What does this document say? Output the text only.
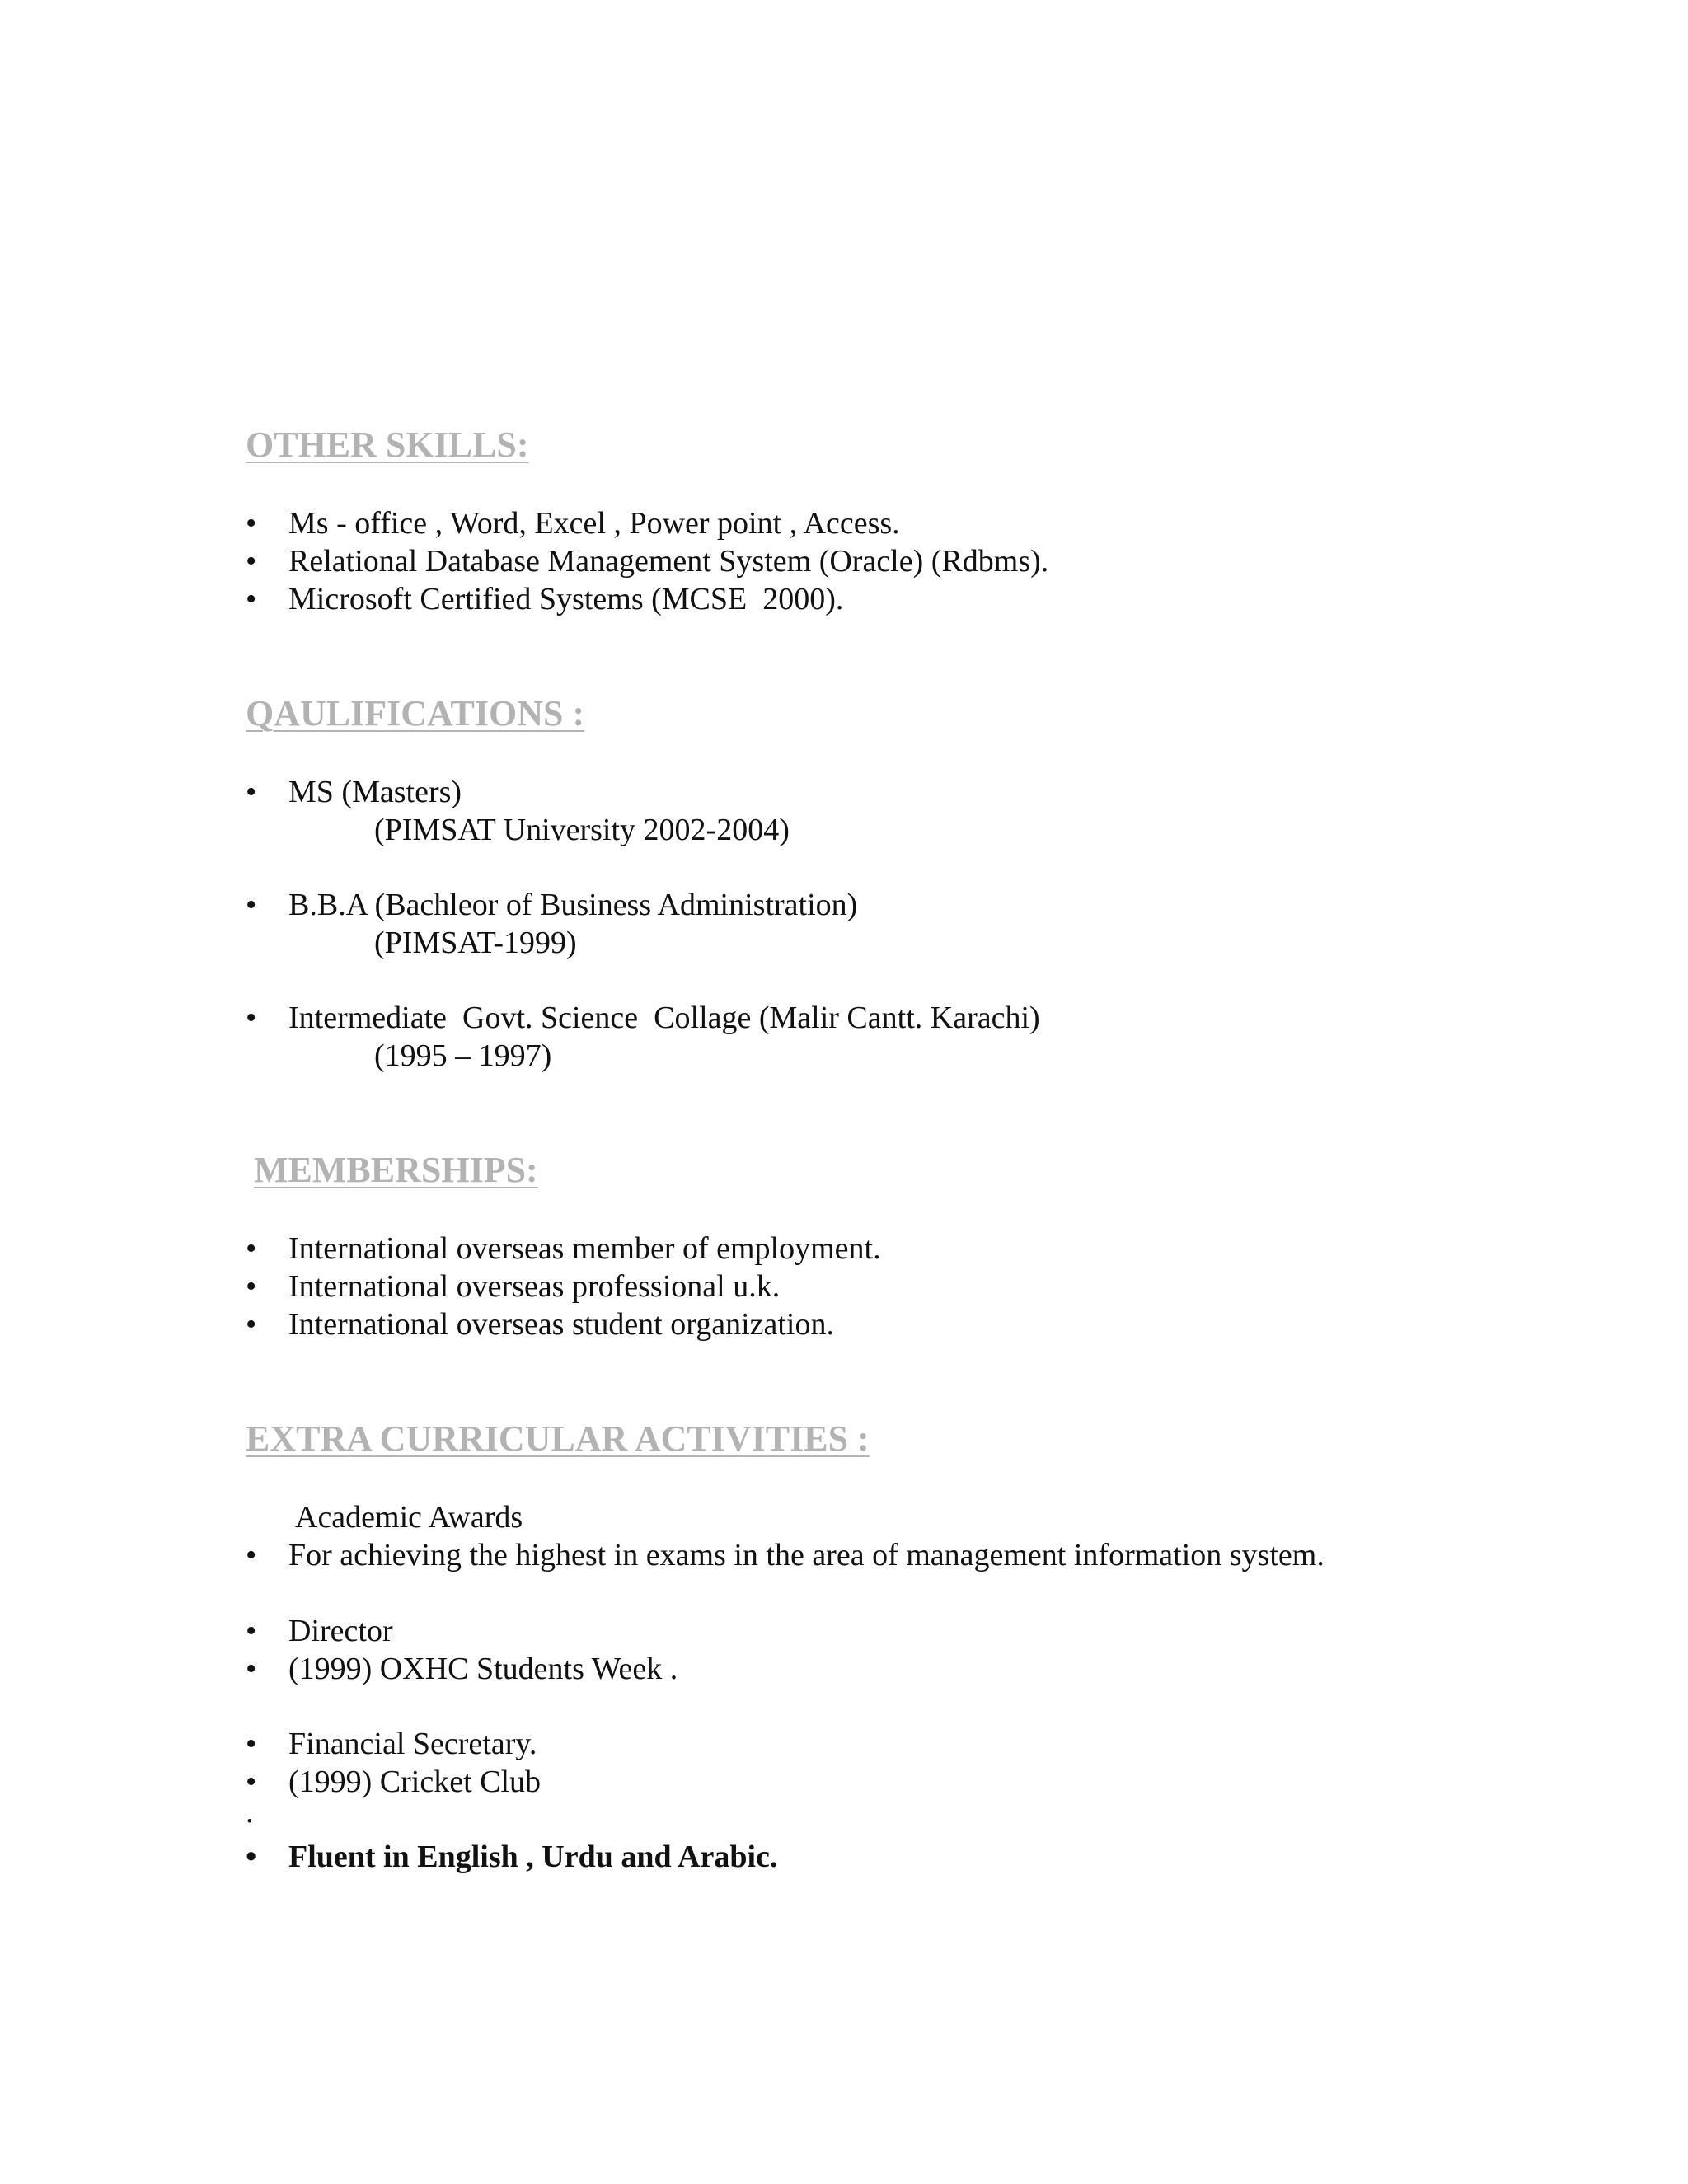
OTHER SKILLS:
• Ms - office , Word, Excel , Power point , Access.
• Relational Database Management System (Oracle) (Rdbms).
• Microsoft Certified Systems (MCSE  2000).
QAULIFICATIONS :
• MS (Masters)
(PIMSAT University 2002-2004)
• B.B.A (Bachleor of Business Administration)
(PIMSAT-1999)
• Intermediate  Govt. Science  Collage (Malir Cantt. Karachi)
(1995 – 1997)
MEMBERSHIPS:
• International overseas member of employment.
• International overseas professional u.k.
• International overseas student organization.
EXTRA CURRICULAR ACTIVITIES :
Academic Awards
• For achieving the highest in exams in the area of management information system.
• Director
• (1999) OXHC Students Week .
• Financial Secretary.
• (1999) Cricket Club
.
• Fluent in English , Urdu and Arabic.
